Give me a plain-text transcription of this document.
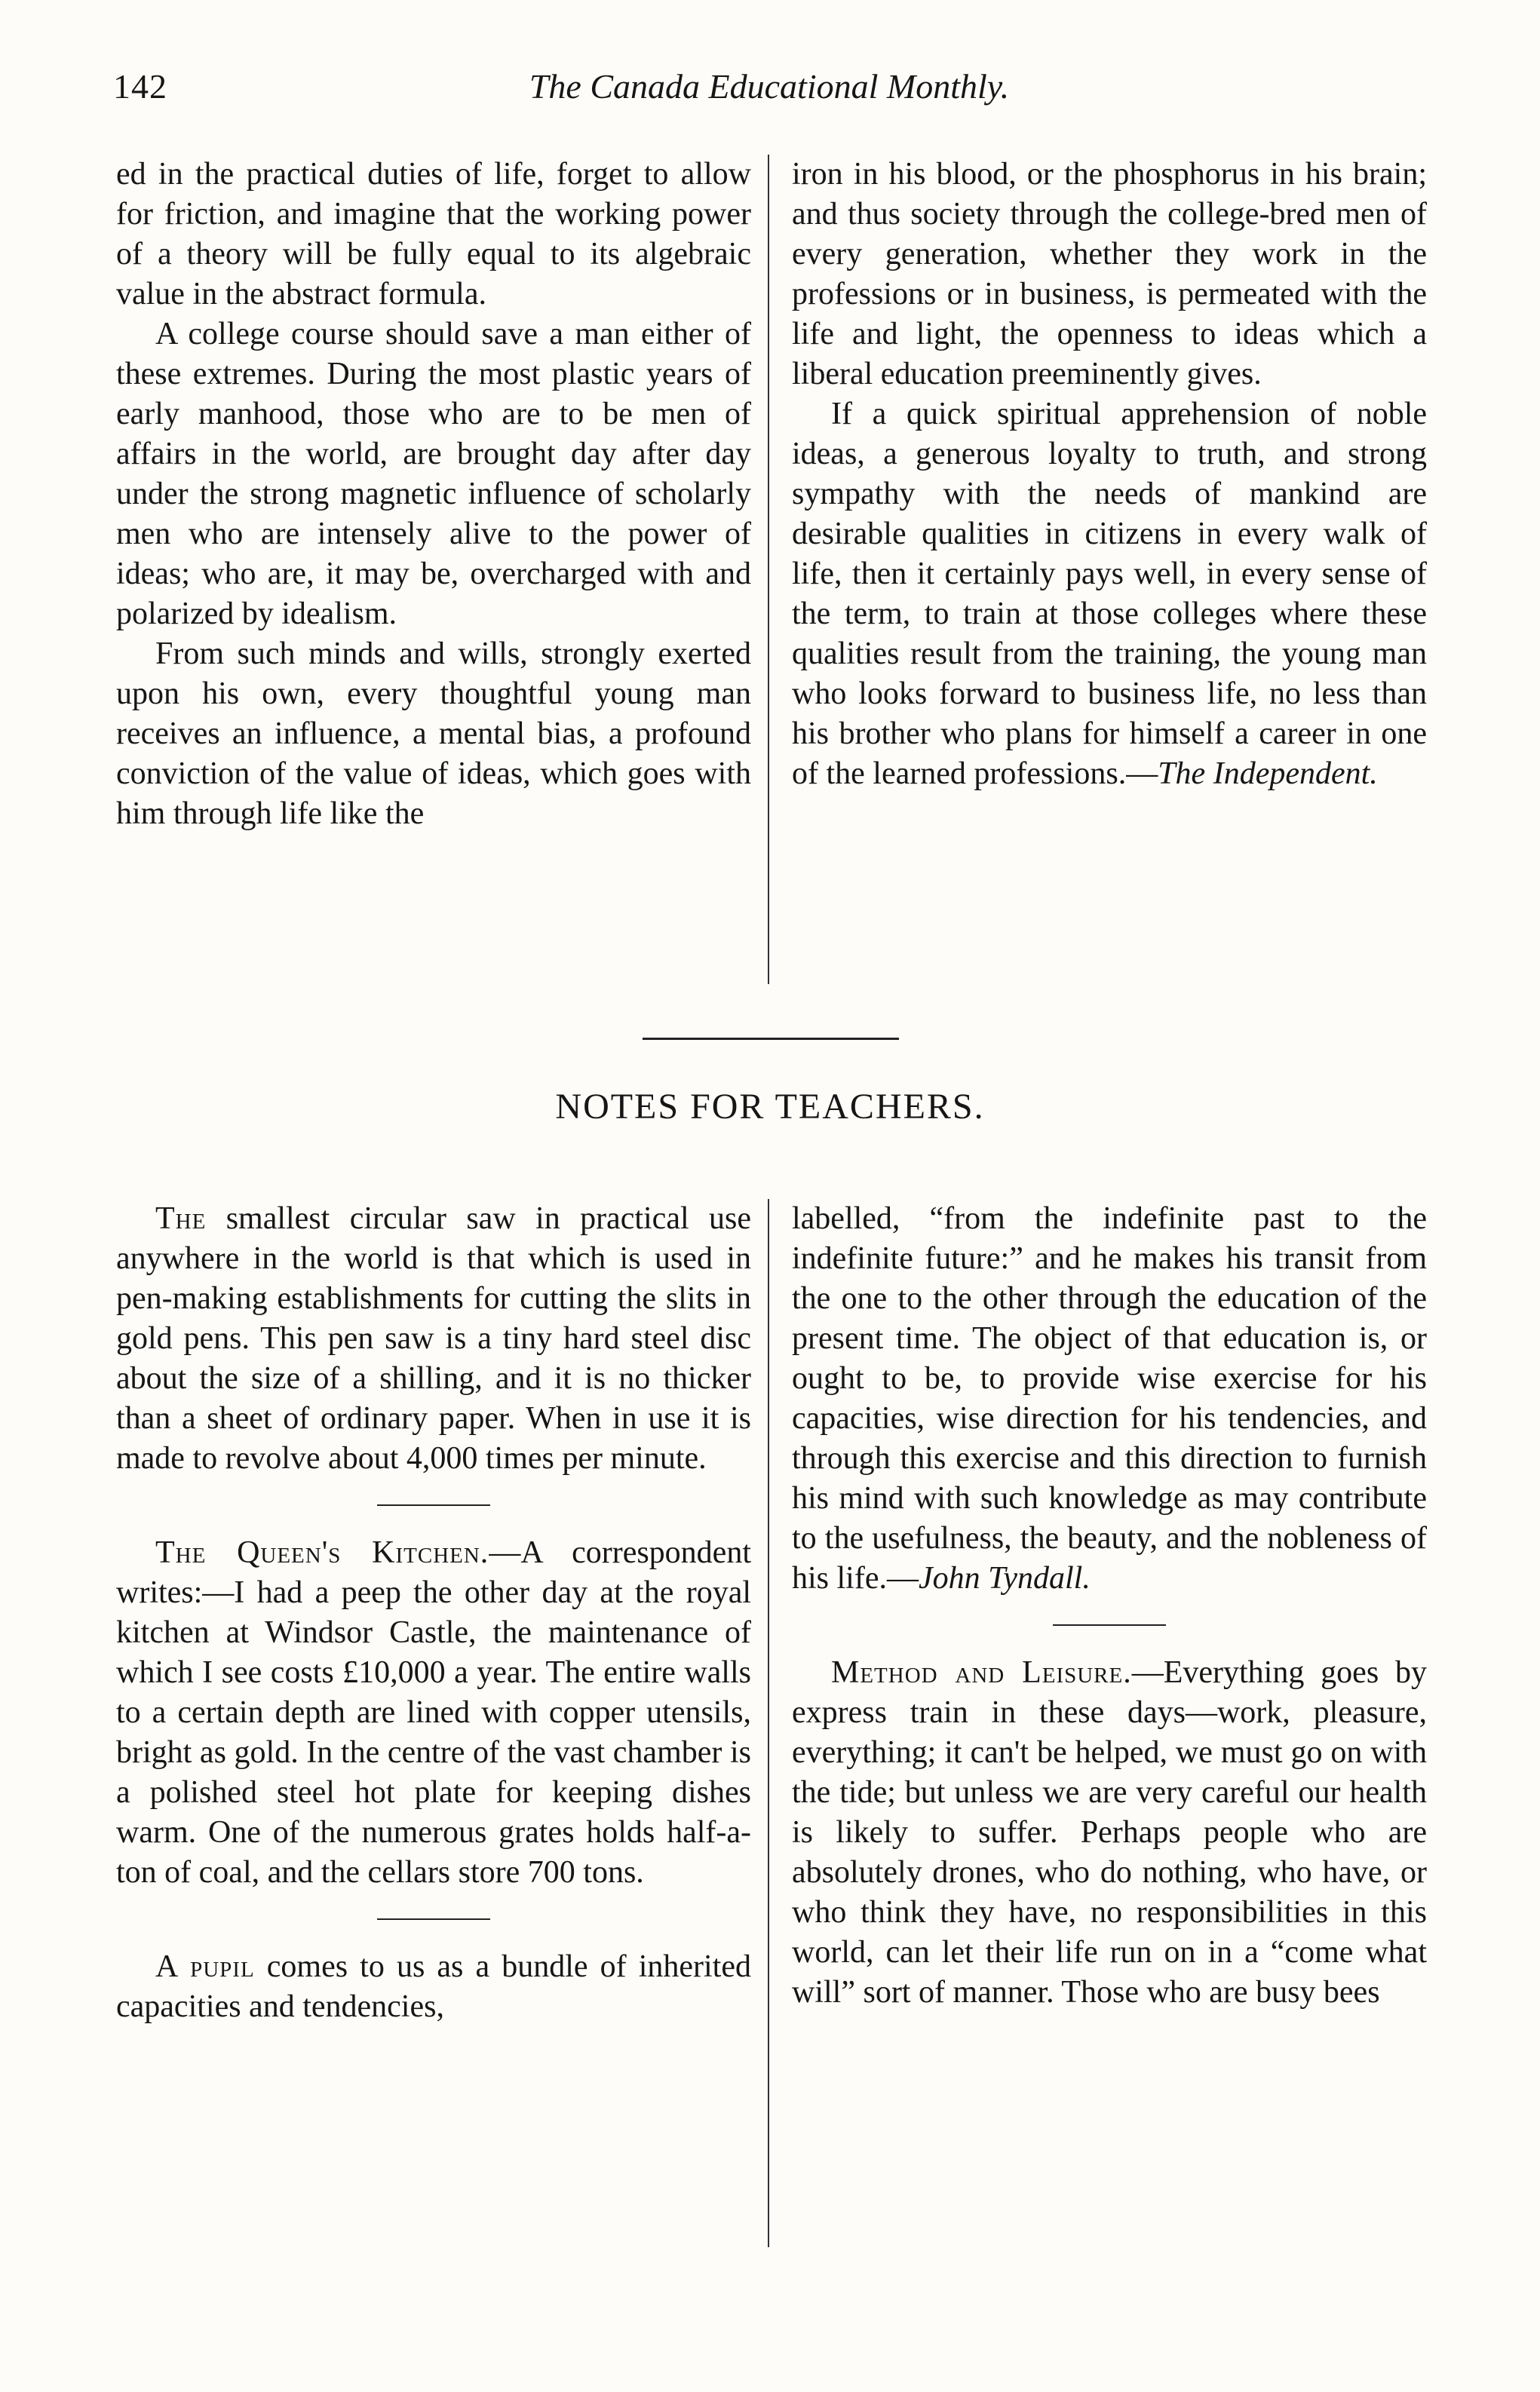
142	The Canada Educational Monthly.

ed in the practical duties of life, forget to allow for friction, and imagine that the working power of a theory will be fully equal to its algebraic value in the abstract formula.

A college course should save a man either of these extremes. During the most plastic years of early manhood, those who are to be men of affairs in the world, are brought day after day under the strong magnetic influence of scholarly men who are intensely alive to the power of ideas; who are, it may be, overcharged with and polarized by idealism.

From such minds and wills, strongly exerted upon his own, every thoughtful young man receives an influence, a mental bias, a profound conviction of the value of ideas, which goes with him through life like the

iron in his blood, or the phosphorus in his brain; and thus society through the college-bred men of every generation, whether they work in the professions or in business, is permeated with the life and light, the openness to ideas which a liberal education preeminently gives.

If a quick spiritual apprehension of noble ideas, a generous loyalty to truth, and strong sympathy with the needs of mankind are desirable qualities in citizens in every walk of life, then it certainly pays well, in every sense of the term, to train at those colleges where these qualities result from the training, the young man who looks forward to business life, no less than his brother who plans for himself a career in one of the learned professions.—The Independent.

NOTES FOR TEACHERS.

The smallest circular saw in practical use anywhere in the world is that which is used in pen-making establishments for cutting the slits in gold pens. This pen saw is a tiny hard steel disc about the size of a shilling, and it is no thicker than a sheet of ordinary paper. When in use it is made to revolve about 4,000 times per minute.

The Queen's Kitchen.—A correspondent writes:—I had a peep the other day at the royal kitchen at Windsor Castle, the maintenance of which I see costs £10,000 a year. The entire walls to a certain depth are lined with copper utensils, bright as gold. In the centre of the vast chamber is a polished steel hot plate for keeping dishes warm. One of the numerous grates holds half-a-ton of coal, and the cellars store 700 tons.

A pupil comes to us as a bundle of inherited capacities and tendencies,

labelled, “from the indefinite past to the indefinite future:” and he makes his transit from the one to the other through the education of the present time. The object of that education is, or ought to be, to provide wise exercise for his capacities, wise direction for his tendencies, and through this exercise and this direction to furnish his mind with such knowledge as may contribute to the usefulness, the beauty, and the nobleness of his life.—John Tyndall.

Method and Leisure.—Everything goes by express train in these days—work, pleasure, everything; it can't be helped, we must go on with the tide; but unless we are very careful our health is likely to suffer. Perhaps people who are absolutely drones, who do nothing, who have, or who think they have, no responsibilities in this world, can let their life run on in a “come what will” sort of manner. Those who are busy bees
